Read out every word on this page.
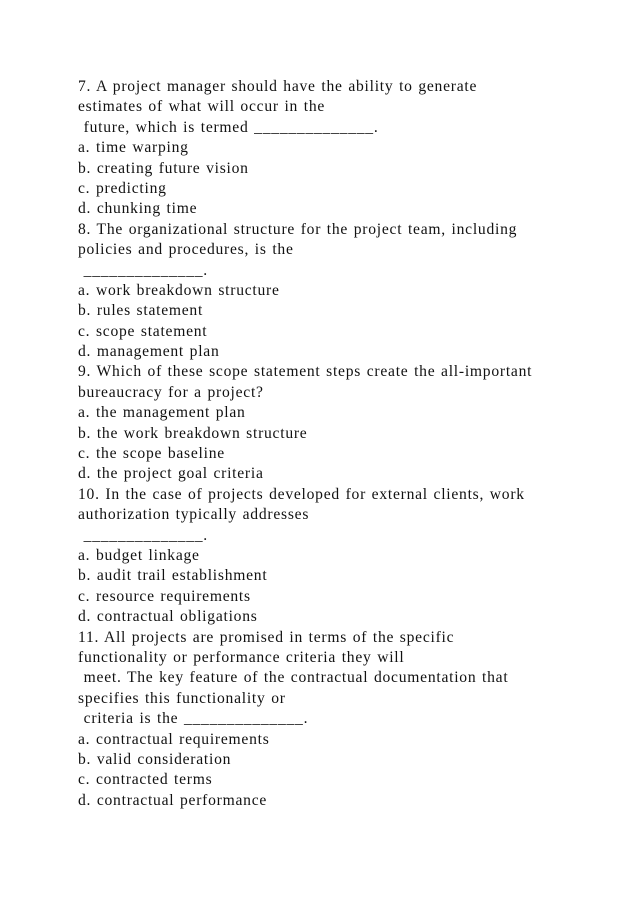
7. A project manager should have the ability to generate
estimates of what will occur in the
future, which is termed ______________.
a. time warping
b. creating future vision
c. predicting
d. chunking time
8. The organizational structure for the project team, including
policies and procedures, is the
______________.
a. work breakdown structure
b. rules statement
c. scope statement
d. management plan
9. Which of these scope statement steps create the all-important
bureaucracy for a project?
a. the management plan
b. the work breakdown structure
c. the scope baseline
d. the project goal criteria
10. In the case of projects developed for external clients, work
authorization typically addresses
______________.
a. budget linkage
b. audit trail establishment
c. resource requirements
d. contractual obligations
11. All projects are promised in terms of the specific
functionality or performance criteria they will
meet. The key feature of the contractual documentation that
specifies this functionality or
criteria is the ______________.
a. contractual requirements
b. valid consideration
c. contracted terms
d. contractual performance
